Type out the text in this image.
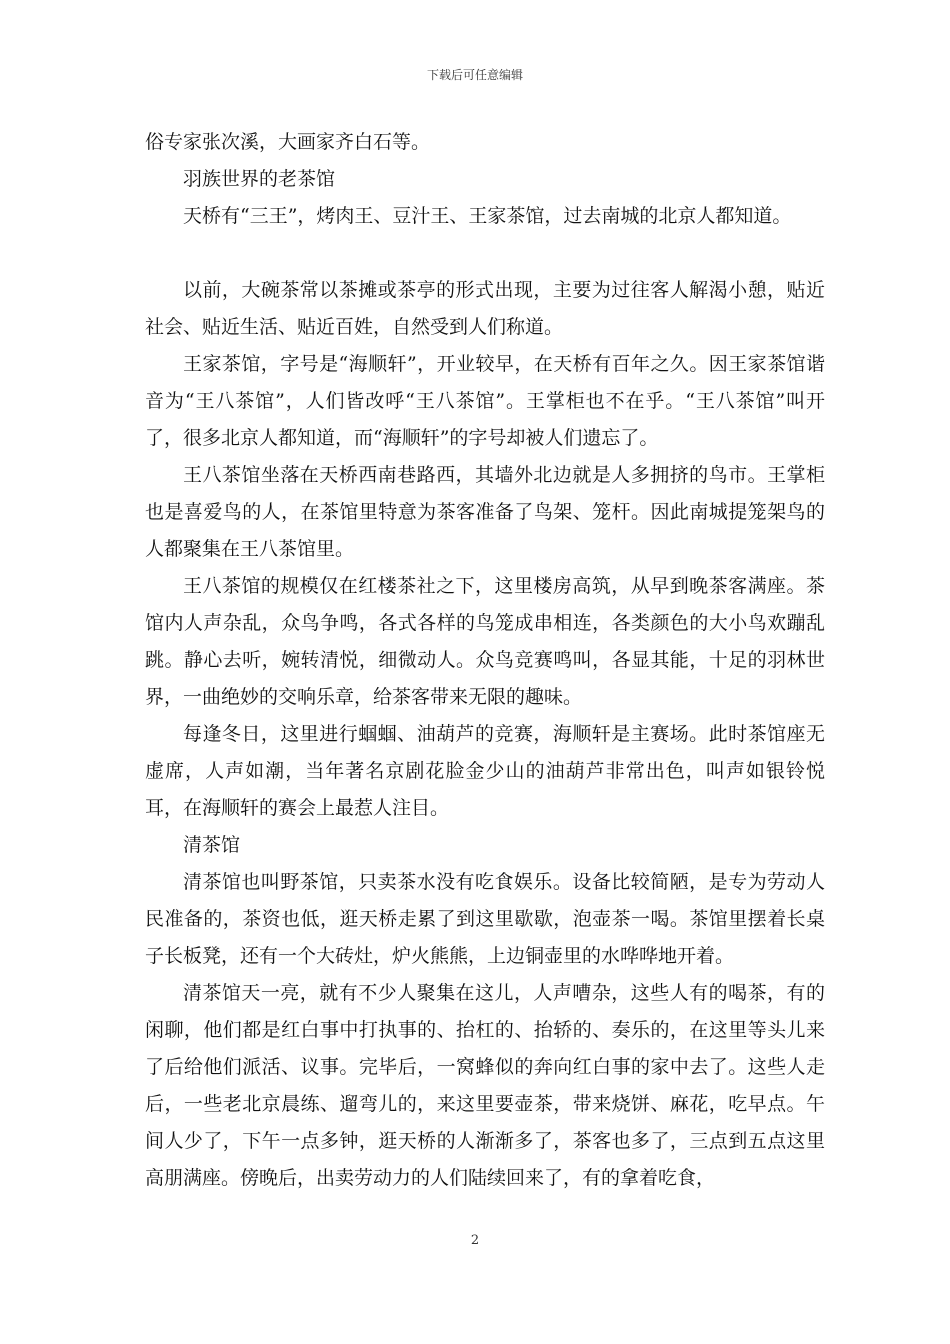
下载后可任意编辑

俗专家张次溪，大画家齐白石等。

羽族世界的老茶馆

天桥有“三王”，烤肉王、豆汁王、王家茶馆，过去南城的北京人都知道。

以前，大碗茶常以茶摊或茶亭的形式出现，主要为过往客人解渴小憩，贴近社会、贴近生活、贴近百姓，自然受到人们称道。

王家茶馆，字号是“海顺轩”，开业较早，在天桥有百年之久。因王家茶馆谐音为“王八茶馆”，人们皆改呼“王八茶馆”。王掌柜也不在乎。“王八茶馆”叫开了，很多北京人都知道，而“海顺轩”的字号却被人们遗忘了。

王八茶馆坐落在天桥西南巷路西，其墙外北边就是人多拥挤的鸟市。王掌柜也是喜爱鸟的人，在茶馆里特意为茶客准备了鸟架、笼杆。因此南城提笼架鸟的人都聚集在王八茶馆里。

王八茶馆的规模仅在红楼茶社之下，这里楼房高筑，从早到晚茶客满座。茶馆内人声杂乱，众鸟争鸣，各式各样的鸟笼成串相连，各类颜色的大小鸟欢蹦乱跳。静心去听，婉转清悦，细微动人。众鸟竞赛鸣叫，各显其能，十足的羽林世界，一曲绝妙的交响乐章，给茶客带来无限的趣味。

每逢冬日，这里进行蝈蝈、油葫芦的竞赛，海顺轩是主赛场。此时茶馆座无虚席，人声如潮，当年著名京剧花脸金少山的油葫芦非常出色，叫声如银铃悦耳，在海顺轩的赛会上最惹人注目。

清茶馆

清茶馆也叫野茶馆，只卖茶水没有吃食娱乐。设备比较简陋，是专为劳动人民准备的，茶资也低，逛天桥走累了到这里歇歇，泡壶茶一喝。茶馆里摆着长桌子长板凳，还有一个大砖灶，炉火熊熊，上边铜壶里的水哗哗地开着。

清茶馆天一亮，就有不少人聚集在这儿，人声嘈杂，这些人有的喝茶，有的闲聊，他们都是红白事中打执事的、抬杠的、抬轿的、奏乐的，在这里等头儿来了后给他们派活、议事。完毕后，一窝蜂似的奔向红白事的家中去了。这些人走后，一些老北京晨练、遛弯儿的，来这里要壶茶，带来烧饼、麻花，吃早点。午间人少了，下午一点多钟，逛天桥的人渐渐多了，茶客也多了，三点到五点这里高朋满座。傍晚后，出卖劳动力的人们陆续回来了，有的拿着吃食，

2
